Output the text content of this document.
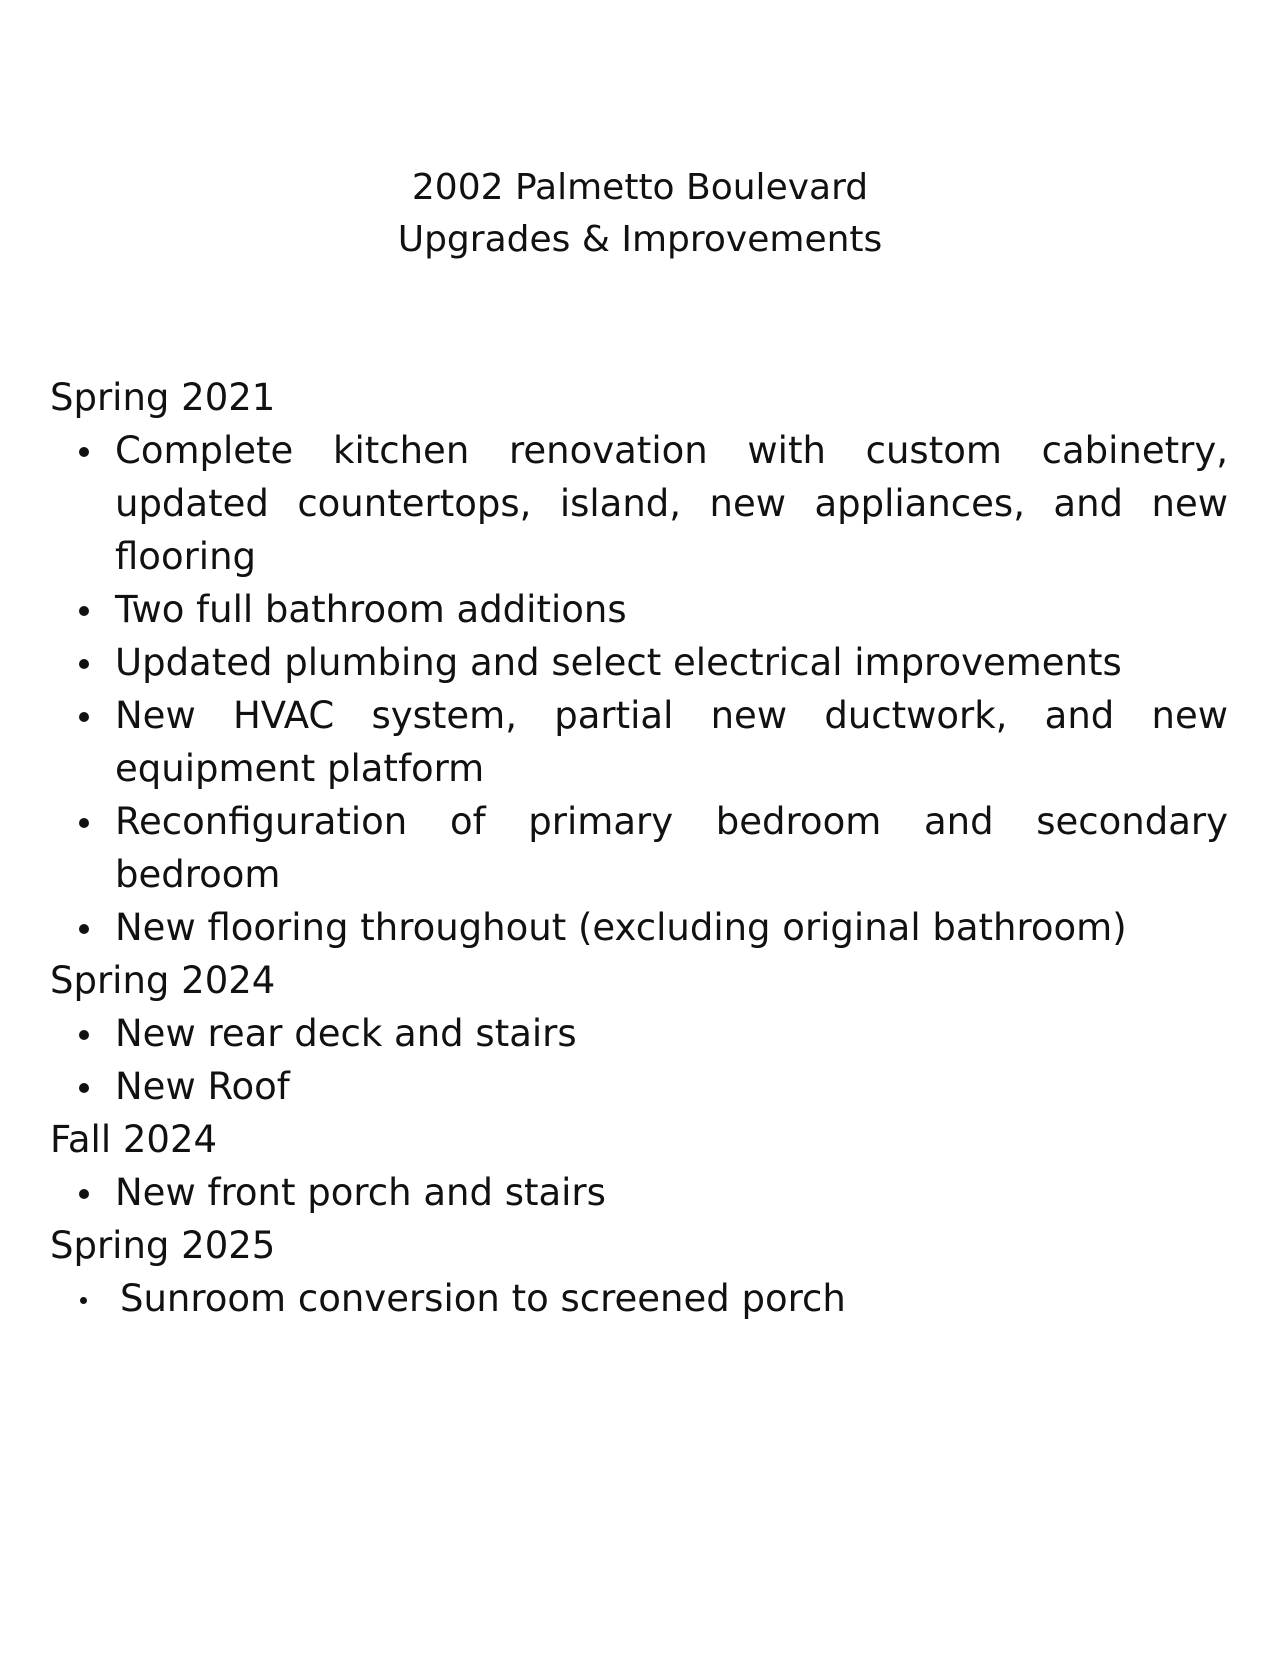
2002 Palmetto Boulevard
Upgrades & Improvements

Spring 2021

Complete kitchen renovation with custom cabinetry, updated countertops, island, new appliances, and new flooring
Two full bathroom additions
Updated plumbing and select electrical improvements
New HVAC system, partial new ductwork, and new equipment platform
Reconfiguration of primary bedroom and secondary bedroom
New flooring throughout (excluding original bathroom)

Spring 2024

New rear deck and stairs
New Roof

Fall 2024

New front porch and stairs

Spring 2025

Sunroom conversion to screened porch
